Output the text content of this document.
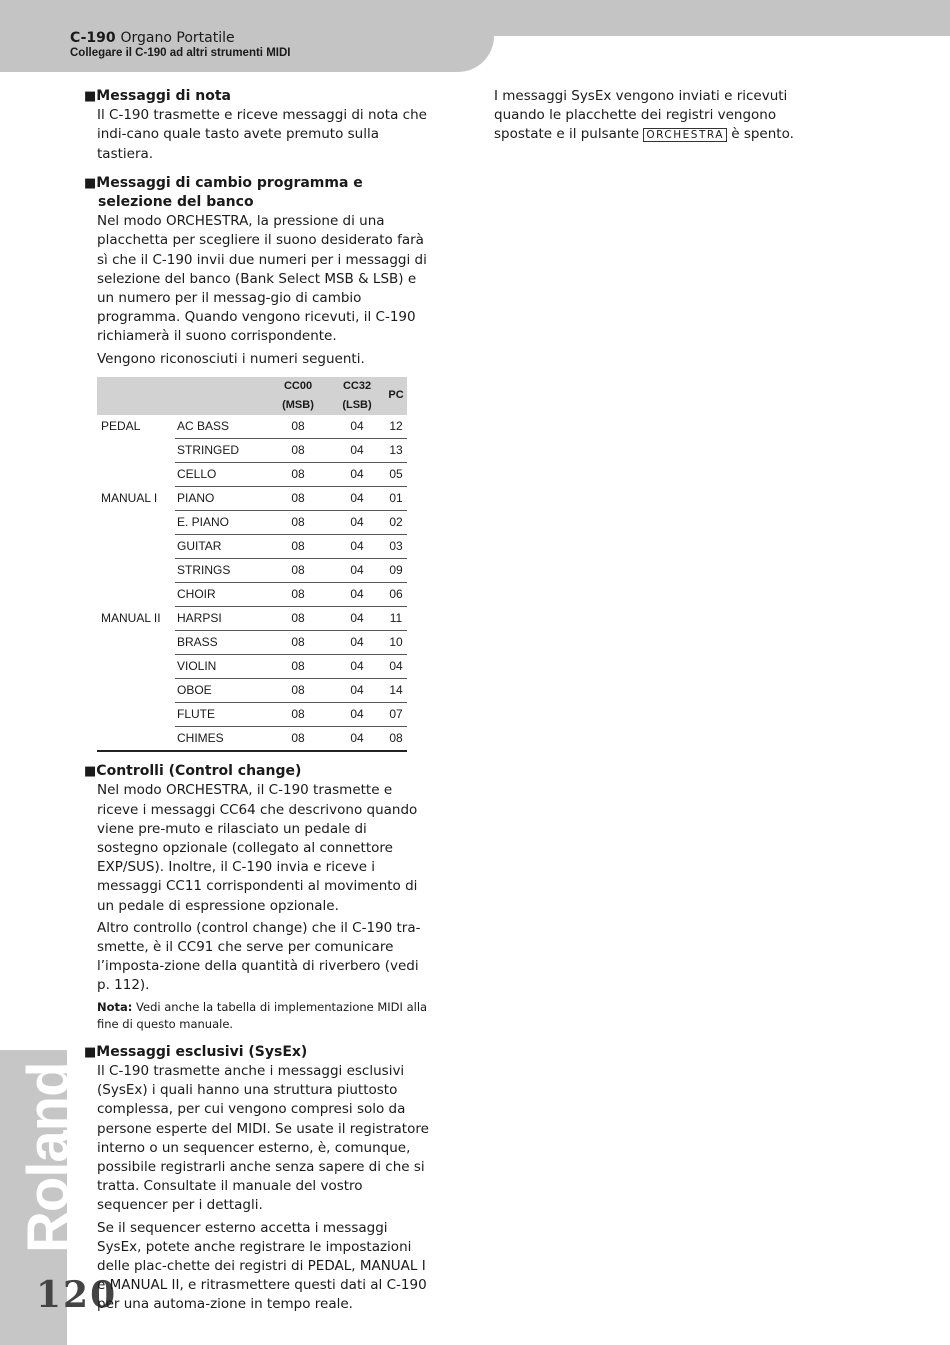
C-190 Organo Portatile
Collegare il C-190 ad altri strumenti MIDI
Roland
120
■Messaggi di nota

Il C-190 trasmette e riceve messaggi di nota che indi-cano quale tasto avete premuto sulla tastiera.

■Messaggi di cambio programma e selezione del banco

Nel modo ORCHESTRA, la pressione di una placchetta per scegliere il suono desiderato farà sì che il C-190 invii due numeri per i messaggi di selezione del banco (Bank Select MSB & LSB) e un numero per il messag-gio di cambio programma. Quando vengono ricevuti, il C-190 richiamerà il suono corrispondente.

Vengono riconosciuti i numeri seguenti.

		CC00 (MSB)	CC32 (LSB)	PC
PEDAL	AC BASS	08	04	12
	STRINGED	08	04	13
	CELLO	08	04	05
MANUAL I	PIANO	08	04	01
	E. PIANO	08	04	02
	GUITAR	08	04	03
	STRINGS	08	04	09
	CHOIR	08	04	06
MANUAL II	HARPSI	08	04	11
	BRASS	08	04	10
	VIOLIN	08	04	04
	OBOE	08	04	14
	FLUTE	08	04	07
	CHIMES	08	04	08
■Controlli (Control change)

Nel modo ORCHESTRA, il C-190 trasmette e riceve i messaggi CC64 che descrivono quando viene pre-muto e rilasciato un pedale di sostegno opzionale (collegato al connettore EXP/SUS). Inoltre, il C-190 invia e riceve i messaggi CC11 corrispondenti al movimento di un pedale di espressione opzionale.

Altro controllo (control change) che il C-190 tra-smette, è il CC91 che serve per comunicare l’imposta-zione della quantità di riverbero (vedi p. 112).

Nota: Vedi anche la tabella di implementazione MIDI alla fine di questo manuale.

■Messaggi esclusivi (SysEx)

Il C-190 trasmette anche i messaggi esclusivi (SysEx) i quali hanno una struttura piuttosto complessa, per cui vengono compresi solo da persone esperte del MIDI. Se usate il registratore interno o un sequencer esterno, è, comunque, possibile registrarli anche senza sapere di che si tratta. Consultate il manuale del vostro sequencer per i dettagli.

Se il sequencer esterno accetta i messaggi SysEx, potete anche registrare le impostazioni delle plac-chette dei registri di PEDAL, MANUAL I e MANUAL II, e ritrasmettere questi dati al C-190 per una automa-zione in tempo reale.

I messaggi SysEx vengono inviati e ricevuti quando le placchette dei registri vengono spostate e il pulsante ORCHESTRA è spento.
